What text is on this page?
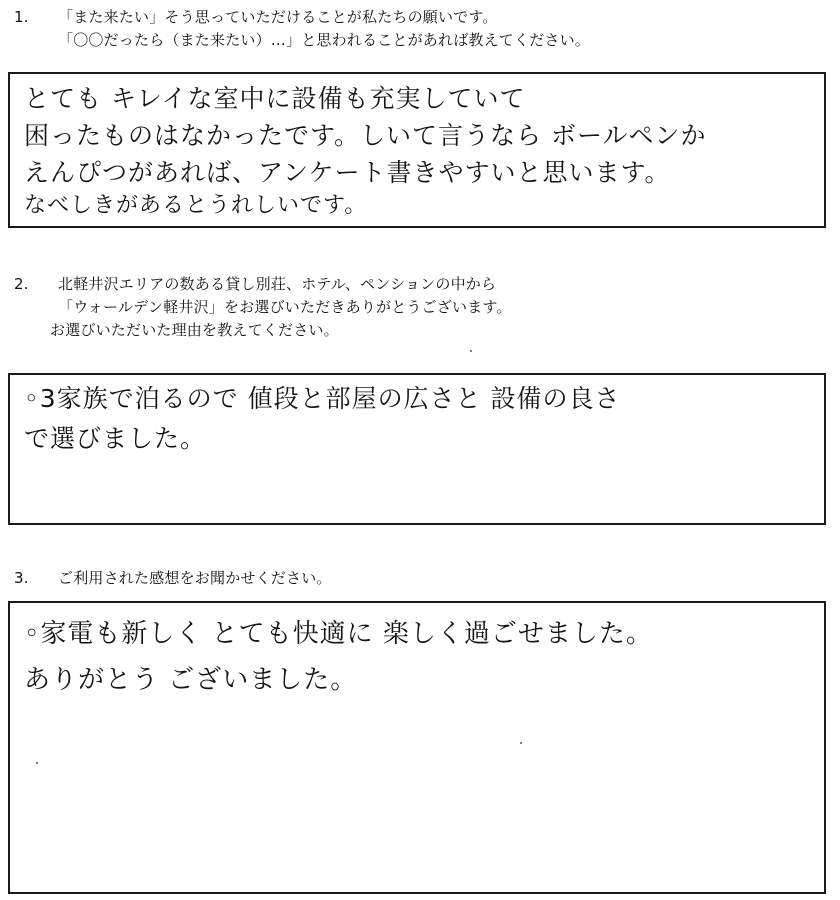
1. 「また来たい」そう思っていただけることが私たちの願いです。
「〇〇だったら（また来たい）…」と思われることがあれば教えてください。
とても キレイな室中に設備も充実していて
困ったものはなかったです。しいて言うなら ボールペンか
えんぴつがあれば、アンケート書きやすいと思います。
なべしきがあるとうれしいです。
2. 北軽井沢エリアの数ある貸し別荘、ホテル、ペンションの中から
「ウォールデン軽井沢」をお選びいただきありがとうございます。
お選びいただいた理由を教えてください。
◦3家族で泊るので 値段と部屋の広さと 設備の良さ
で選びました。
3. ご利用された感想をお聞かせください。
◦家電も新しく とても快適に 楽しく過ごせました。
ありがとう ございました。
